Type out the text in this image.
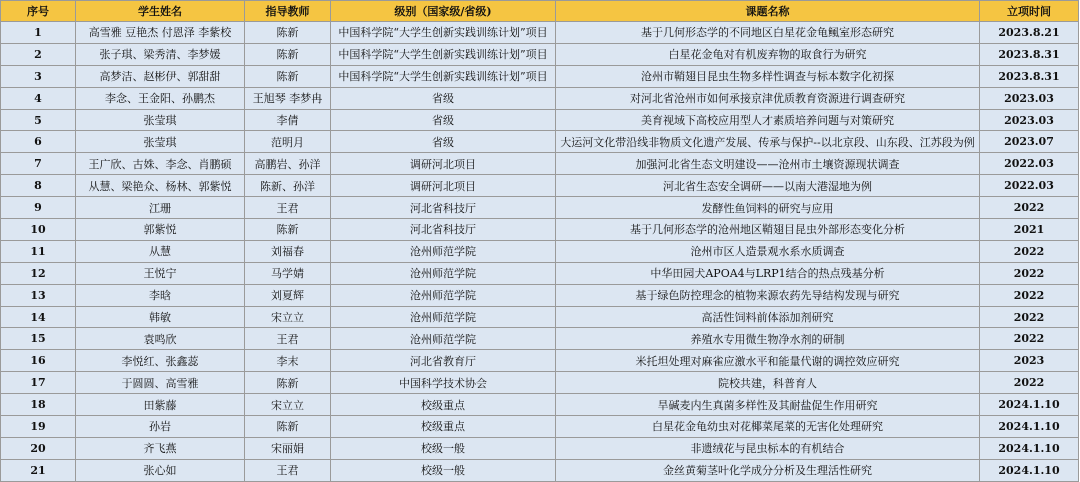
序号	学生姓名	指导教师	级别（国家级/省级)	课题名称	立项时间
1	高雪雅 豆艳杰 付恩泽 李紫校	陈新	中国科学院“大学生创新实践训练计划”项目	基于几何形态学的不同地区白星花金龟鲺室形态研究	2023.8.21
2	张子琪、梁秀清、李梦媛	陈新	中国科学院“大学生创新实践训练计划”项目	白星花金龟对有机废弃物的取食行为研究	2023.8.31
3	高梦洁、赵彬伊、郭甜甜	陈新	中国科学院“大学生创新实践训练计划”项目	沧州市鞘翅目昆虫生物多样性调查与标本数字化初探	2023.8.31
4	李念、王金阳、孙鹏杰	王旭琴 李梦冉	省级	对河北省沧州市如何承接京津优质教育资源进行调查研究	2023.03
5	张莹琪	李倩	省级	美育视域下高校应用型人才素质培养问题与对策研究	2023.03
6	张莹琪	范明月	省级	大运河文化带沿线非物质文化遗产发展、传承与保护--以北京段、山东段、江苏段为例	2023.07
7	王广欣、古姝、李念、肖鹏硕	高鹏岩、孙洋	调研河北项目	加强河北省生态文明建设——沧州市土壤资源现状调查	2022.03
8	从慧、梁艳众、杨林、郭紫悦	陈新、孙洋	调研河北项目	河北省生态安全调研——以南大港湿地为例	2022.03
9	江珊	王君	河北省科技厅	发酵性鱼饲料的研究与应用	2022
10	郭紫悦	陈新	河北省科技厅	基于几何形态学的沧州地区鞘翅目昆虫外部形态变化分析	2021
11	从慧	刘福春	沧州师范学院	沧州市区人造景观水系水质调查	2022
12	王悦宁	马学婧	沧州师范学院	中华田园犬APOA4与LRP1结合的热点残基分析	2022
13	李晗	刘夏辉	沧州师范学院	基于绿色防控理念的植物来源农药先导结构发现与研究	2022
14	韩敏	宋立立	沧州师范学院	高活性饲料前体添加剂研究	2022
15	袁鸣欣	王君	沧州师范学院	养殖水专用微生物净水剂的研制	2022
16	李悦红、张鑫蕊	李末	河北省教育厅	米托坦处理对麻雀应激水平和能量代谢的调控效应研究	2023
17	于圆圆、高雪雅	陈新	中国科学技术协会	院校共建，科普育人	2022
18	田紫藤	宋立立	校级重点	旱碱麦内生真菌多样性及其耐盐促生作用研究	2024.1.10
19	孙岩	陈新	校级重点	白星花金龟幼虫对花椰菜尾菜的无害化处理研究	2024.1.10
20	齐飞燕	宋丽娟	校级一般	非遗绒花与昆虫标本的有机结合	2024.1.10
21	张心如	王君	校级一般	金丝黄菊茎叶化学成分分析及生理活性研究	2024.1.10
